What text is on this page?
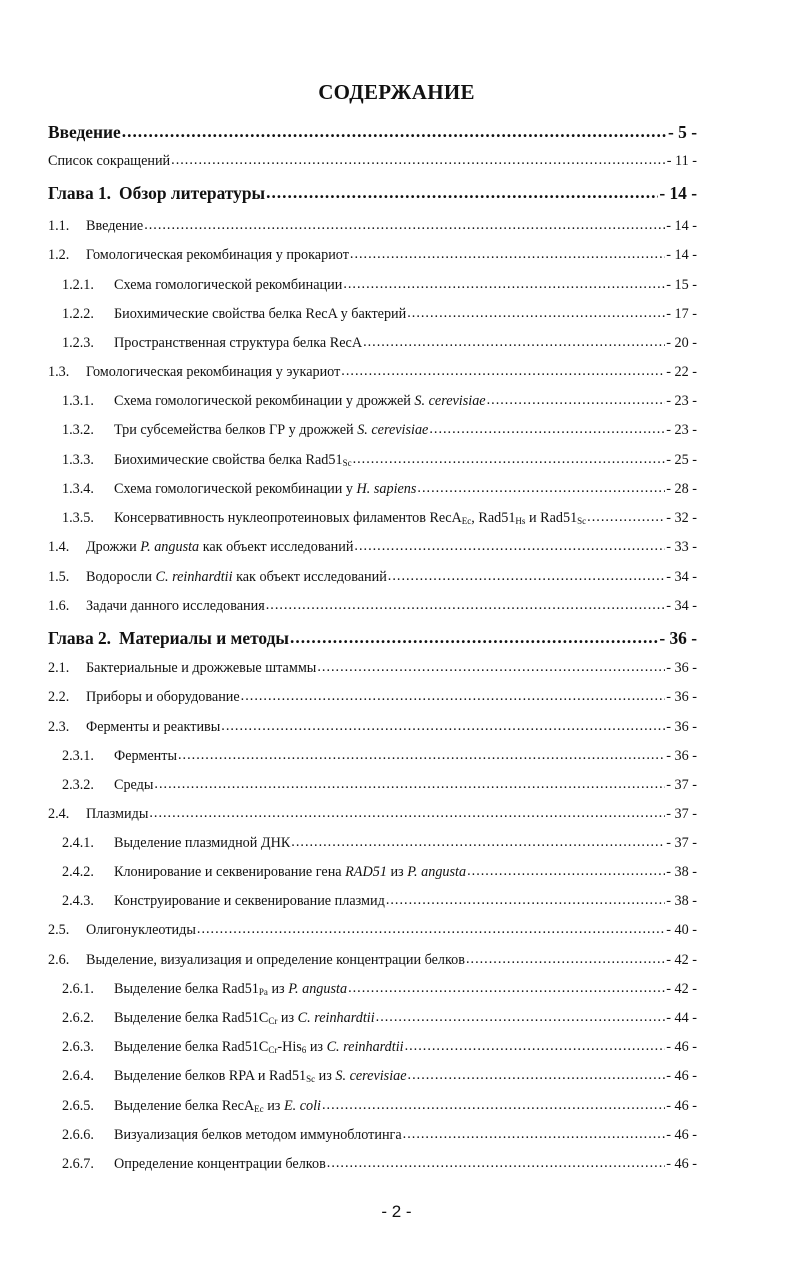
СОДЕРЖАНИЕ
Введение .....	- 5 -
Список сокращений .....	- 11 -
Глава 1. Обзор литературы .....	- 14 -
1.1.	Введение .....	- 14 -
1.2.	Гомологическая рекомбинация у прокариот .....	- 14 -
1.2.1.	Схема гомологической рекомбинации .....	- 15 -
1.2.2.	Биохимические свойства белка RecA у бактерий .....	- 17 -
1.2.3.	Пространственная структура белка RecA .....	- 20 -
1.3.	Гомологическая рекомбинация у эукариот .....	- 22 -
1.3.1.	Схема гомологической рекомбинации у дрожжей S. cerevisiae .....	- 23 -
1.3.2.	Три субсемейства белков ГР у дрожжей S. cerevisiae .....	- 23 -
1.3.3.	Биохимические свойства белка $Rad51_{Sc}$ .....	- 25 -
1.3.4.	Схема гомологической рекомбинации у H. sapiens .....	- 28 -
1.3.5.	Консервативность нуклеопротеиновых филаментов RecA$_{Ec}$, $Rad51_{Hs}$ и $Rad51_{Sc}$ .....	- 32 -
1.4.	Дрожжи P. angusta как объект исследований .....	- 33 -
1.5.	Водоросли C. reinhardtii как объект исследований .....	- 34 -
1.6.	Задачи данного исследования .....	- 34 -
Глава 2. Материалы и методы .....	- 36 -
2.1.	Бактериальные и дрожжевые штаммы .....	- 36 -
2.2.	Приборы и оборудование .....	- 36 -
2.3.	Ферменты и реактивы .....	- 36 -
2.3.1.	Ферменты .....	- 36 -
2.3.2.	Среды .....	- 37 -
2.4.	Плазмиды .....	- 37 -
2.4.1.	Выделение плазмидной ДНК .....	- 37 -
2.4.2.	Клонирование и секвенирование гена RAD51 из P. angusta .....	- 38 -
2.4.3.	Конструирование и секвенирование плазмид .....	- 38 -
2.5.	Олигонуклеотиды .....	- 40 -
2.6.	Выделение, визуализация и определение концентрации белков .....	- 42 -
2.6.1.	Выделение белка $Rad51_{Pa}$ из P. angusta .....	- 42 -
2.6.2.	Выделение белка $Rad51C_{Cr}$ из C. reinhardtii .....	- 44 -
2.6.3.	Выделение белка $Rad51C_{Cr}-His_6$ из C. reinhardtii .....	- 46 -
2.6.4.	Выделение белков RPA и $Rad51_{Sc}$ из S. cerevisiae .....	- 46 -
2.6.5.	Выделение белка RecA$_{Ec}$ из E. coli .....	- 46 -
2.6.6.	Визуализация белков методом иммуноблотинга .....	- 46 -
2.6.7.	Определение концентрации белков .....	- 46 -
- 2 -
